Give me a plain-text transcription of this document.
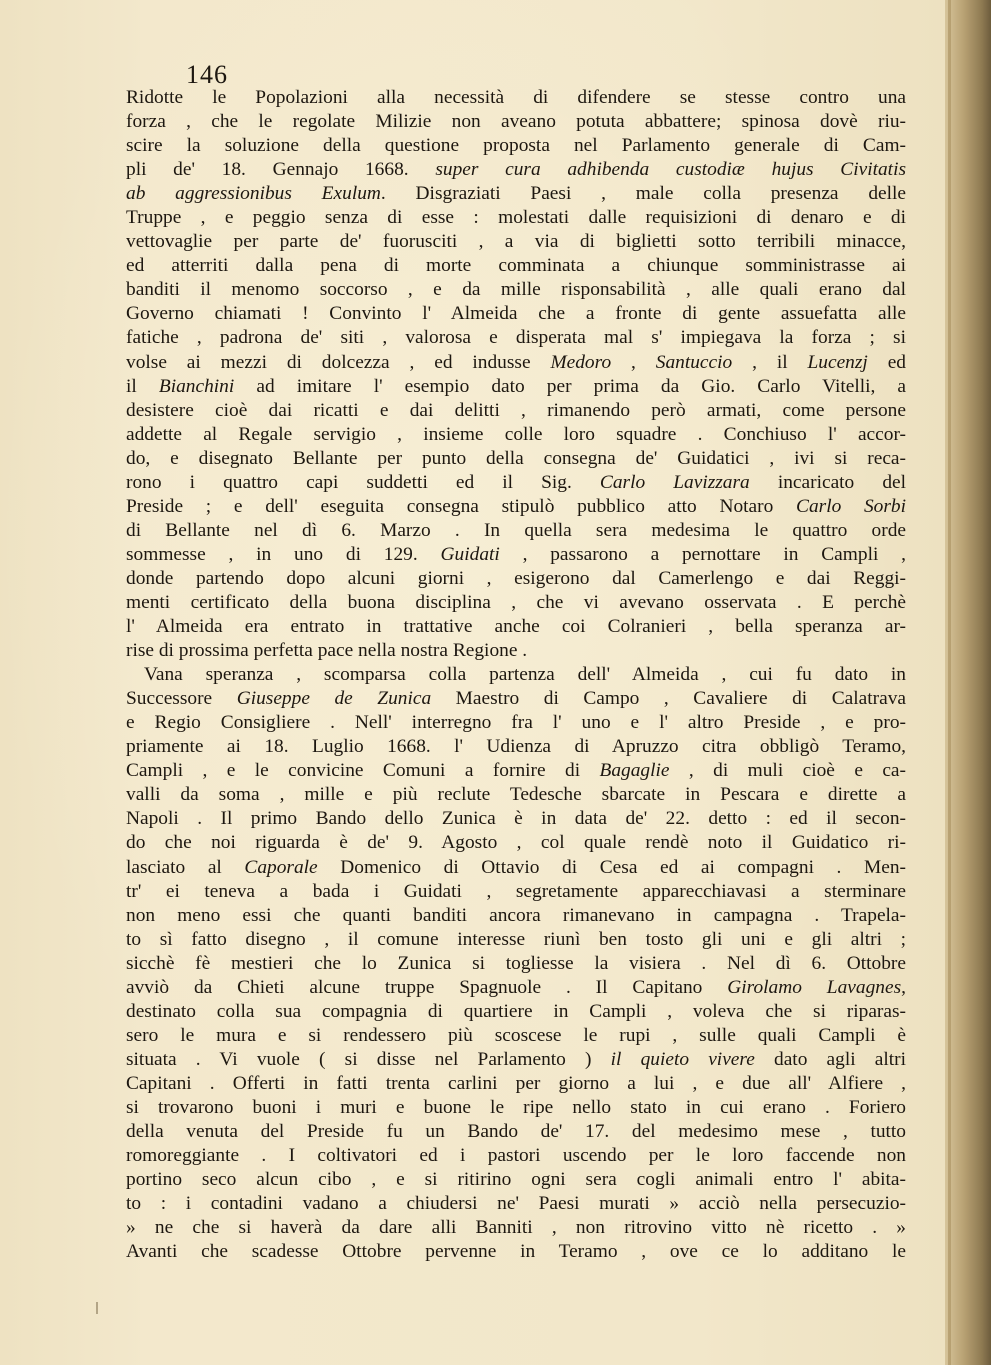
146
Ridotte le Popolazioni alla necessità di difendere se stesse contro una
forza , che le regolate Milizie non aveano potuta abbattere; spinosa dovè riu-
scire la soluzione della questione proposta nel Parlamento generale di Cam-
pli de' 18. Gennajo 1668. super cura adhibenda custodiæ hujus Civitatis
ab aggressionibus Exulum. Disgraziati Paesi , male colla presenza delle
Truppe , e peggio senza di esse : molestati dalle requisizioni di denaro e di
vettovaglie per parte de' fuorusciti , a via di biglietti sotto terribili minacce,
ed atterriti dalla pena di morte comminata a chiunque somministrasse ai
banditi il menomo soccorso , e da mille risponsabilità , alle quali erano dal
Governo chiamati ! Convinto l' Almeida che a fronte di gente assuefatta alle
fatiche , padrona de' siti , valorosa e disperata mal s' impiegava la forza ; si
volse ai mezzi di dolcezza , ed indusse Medoro , Santuccio , il Lucenzj ed
il Bianchini ad imitare l' esempio dato per prima da Gio. Carlo Vitelli, a
desistere cioè dai ricatti e dai delitti , rimanendo però armati, come persone
addette al Regale servigio , insieme colle loro squadre . Conchiuso l' accor-
do, e disegnato Bellante per punto della consegna de' Guidatici , ivi si reca-
rono i quattro capi suddetti ed il Sig. Carlo Lavizzara incaricato del
Preside ; e dell' eseguita consegna stipulò pubblico atto Notaro Carlo Sorbi
di Bellante nel dì 6. Marzo . In quella sera medesima le quattro orde
sommesse , in uno di 129. Guidati , passarono a pernottare in Campli ,
donde partendo dopo alcuni giorni , esigerono dal Camerlengo e dai Reggi-
menti certificato della buona disciplina , che vi avevano osservata . E perchè
l' Almeida era entrato in trattative anche coi Colranieri , bella speranza ar-
rise di prossima perfetta pace nella nostra Regione .
Vana speranza , scomparsa colla partenza dell' Almeida , cui fu dato in
Successore Giuseppe de Zunica Maestro di Campo , Cavaliere di Calatrava
e Regio Consigliere . Nell' interregno fra l' uno e l' altro Preside , e pro-
priamente ai 18. Luglio 1668. l' Udienza di Apruzzo citra obbligò Teramo,
Campli , e le convicine Comuni a fornire di Bagaglie , di muli cioè e ca-
valli da soma , mille e più reclute Tedesche sbarcate in Pescara e dirette a
Napoli . Il primo Bando dello Zunica è in data de' 22. detto : ed il secon-
do che noi riguarda è de' 9. Agosto , col quale rendè noto il Guidatico ri-
lasciato al Caporale Domenico di Ottavio di Cesa ed ai compagni . Men-
tr' ei teneva a bada i Guidati , segretamente apparecchiavasi a sterminare
non meno essi che quanti banditi ancora rimanevano in campagna . Trapela-
to sì fatto disegno , il comune interesse riunì ben tosto gli uni e gli altri ;
sicchè fè mestieri che lo Zunica si togliesse la visiera . Nel dì 6. Ottobre
avviò da Chieti alcune truppe Spagnuole . Il Capitano Girolamo Lavagnes,
destinato colla sua compagnia di quartiere in Campli , voleva che si riparas-
sero le mura e si rendessero più scoscese le rupi , sulle quali Campli è
situata . Vi vuole ( si disse nel Parlamento ) il quieto vivere dato agli altri
Capitani . Offerti in fatti trenta carlini per giorno a lui , e due all' Alfiere ,
si trovarono buoni i muri e buone le ripe nello stato in cui erano . Foriero
della venuta del Preside fu un Bando de' 17. del medesimo mese , tutto
romoreggiante . I coltivatori ed i pastori uscendo per le loro faccende non
portino seco alcun cibo , e si ritirino ogni sera cogli animali entro l' abita-
to : i contadini vadano a chiudersi ne' Paesi murati » acciò nella persecuzio-
» ne che si haverà da dare alli Banniti , non ritrovino vitto nè ricetto . »
Avanti che scadesse Ottobre pervenne in Teramo , ove ce lo additano le
